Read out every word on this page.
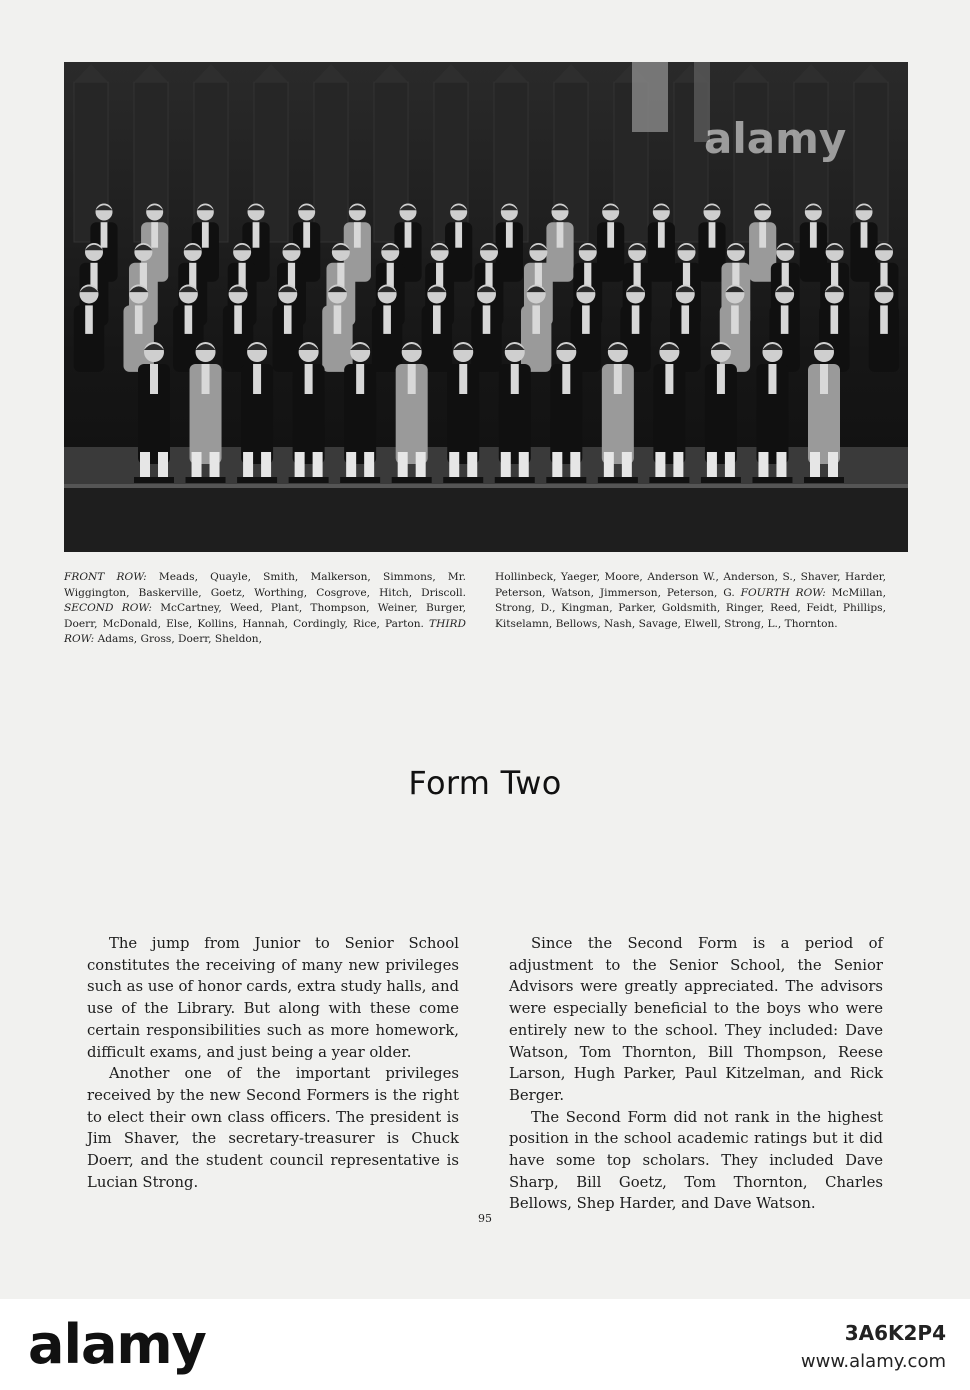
alamy

FRONT ROW: Meads, Quayle, Smith, Malkerson, Simmons, Mr. Wiggington, Baskerville, Goetz, Worthing, Cosgrove, Hitch, Driscoll. SECOND ROW: McCartney, Weed, Plant, Thompson, Weiner, Burger, Doerr, McDonald, Else, Kollins, Hannah, Cordingly, Rice, Parton. THIRD ROW: Adams, Gross, Doerr, Sheldon,

Hollinbeck, Yaeger, Moore, Anderson W., Anderson, S., Shaver, Harder, Peterson, Watson, Jimmerson, Peterson, G. FOURTH ROW: McMillan, Strong, D., Kingman, Parker, Goldsmith, Ringer, Reed, Feidt, Phillips, Kitselamn, Bellows, Nash, Savage, Elwell, Strong, L., Thornton.

Form Two

The jump from Junior to Senior School constitutes the receiving of many new privileges such as use of honor cards, extra study halls, and use of the Library. But along with these come certain responsibilities such as more homework, difficult exams, and just being a year older.

Another one of the important privileges received by the new Second Formers is the right to elect their own class officers. The president is Jim Shaver, the secretary-treasurer is Chuck Doerr, and the student council representative is Lucian Strong.

Since the Second Form is a period of adjustment to the Senior School, the Senior Advisors were greatly appreciated. The advisors were especially beneficial to the boys who were entirely new to the school. They included: Dave Watson, Tom Thornton, Bill Thompson, Reese Larson, Hugh Parker, Paul Kitzelman, and Rick Berger.

The Second Form did not rank in the highest position in the school academic ratings but it did have some top scholars. They included Dave Sharp, Bill Goetz, Tom Thornton, Charles Bellows, Shep Harder, and Dave Watson.

95
alamy	3A6K2P4
www.alamy.com
